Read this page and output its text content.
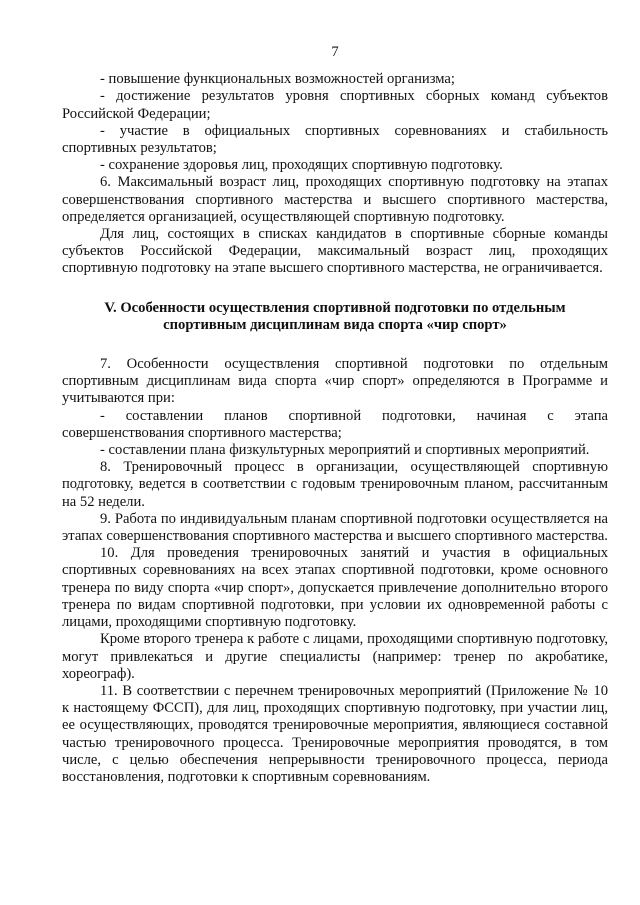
7

- повышение функциональных возможностей организма;

- достижение результатов уровня спортивных сборных команд субъектов Российской Федерации;

- участие в официальных спортивных соревнованиях и стабильность спортивных результатов;

- сохранение здоровья лиц, проходящих спортивную подготовку.

6. Максимальный возраст лиц, проходящих спортивную подготовку на этапах совершенствования спортивного мастерства и высшего спортивного мастерства, определяется организацией, осуществляющей спортивную подготовку.

Для лиц, состоящих в списках кандидатов в спортивные сборные команды субъектов Российской Федерации, максимальный возраст лиц, проходящих спортивную подготовку на этапе высшего спортивного мастерства, не ограничивается.

V. Особенности осуществления спортивной подготовки по отдельным
спортивным дисциплинам вида спорта «чир спорт»

7. Особенности осуществления спортивной подготовки по отдельным спортивным дисциплинам вида спорта «чир спорт» определяются в Программе и учитываются при:

- составлении планов спортивной подготовки, начиная с этапа совершенствования спортивного мастерства;

- составлении плана физкультурных мероприятий и спортивных мероприятий.

8. Тренировочный процесс в организации, осуществляющей спортивную подготовку, ведется в соответствии с годовым тренировочным планом, рассчитанным на 52 недели.

9. Работа по индивидуальным планам спортивной подготовки осуществляется на этапах совершенствования спортивного мастерства и высшего спортивного мастерства.

10. Для проведения тренировочных занятий и участия в официальных спортивных соревнованиях на всех этапах спортивной подготовки, кроме основного тренера по виду спорта «чир спорт», допускается привлечение дополнительно второго тренера по видам спортивной подготовки, при условии их одновременной работы с лицами, проходящими спортивную подготовку.

Кроме второго тренера к работе с лицами, проходящими спортивную подготовку, могут привлекаться и другие специалисты (например: тренер по акробатике, хореограф).

11. В соответствии с перечнем тренировочных мероприятий (Приложение № 10 к настоящему ФССП), для лиц, проходящих спортивную подготовку, при участии лиц, ее осуществляющих, проводятся тренировочные мероприятия, являющиеся составной частью тренировочного процесса. Тренировочные мероприятия проводятся, в том числе, с целью обеспечения непрерывности тренировочного процесса, периода восстановления, подготовки к спортивным соревнованиям.
